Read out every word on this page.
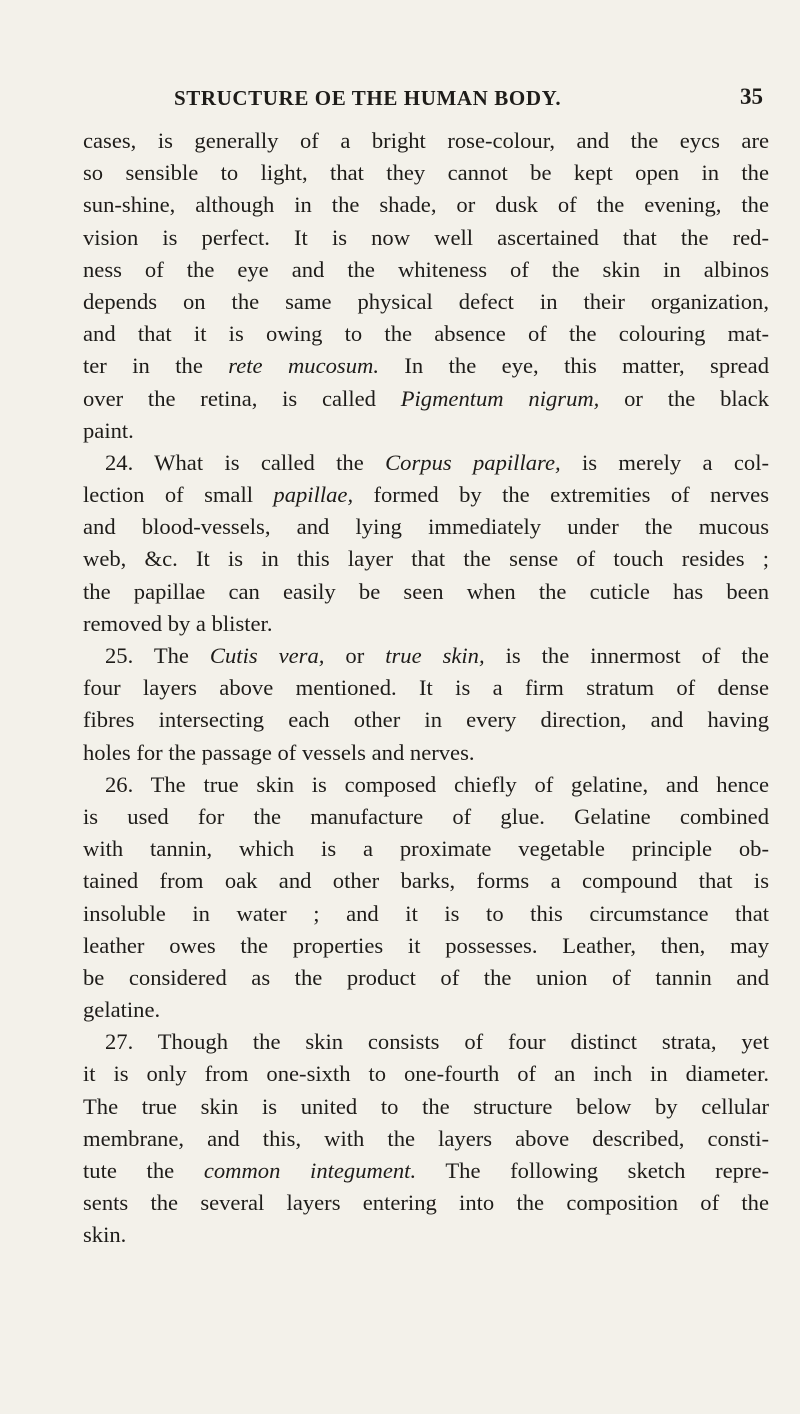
STRUCTURE OE THE HUMAN BODY.	35
cases, is generally of a bright rose-colour, and the eycs are
so sensible to light, that they cannot be kept open in the
sun-shine, although in the shade, or dusk of the evening, the
vision is perfect. It is now well ascertained that the red-
ness of the eye and the whiteness of the skin in albinos
depends on the same physical defect in their organization,
and that it is owing to the absence of the colouring mat-
ter in the rete mucosum. In the eye, this matter, spread
over the retina, is called Pigmentum nigrum, or the black
paint.
24. What is called the Corpus papillare, is merely a col-
lection of small papillae, formed by the extremities of nerves
and blood-vessels, and lying immediately under the mucous
web, &c. It is in this layer that the sense of touch resides ;
the papillae can easily be seen when the cuticle has been
removed by a blister.
25. The Cutis vera, or true skin, is the innermost of the
four layers above mentioned. It is a firm stratum of dense
fibres intersecting each other in every direction, and having
holes for the passage of vessels and nerves.
26. The true skin is composed chiefly of gelatine, and hence
is used for the manufacture of glue. Gelatine combined
with tannin, which is a proximate vegetable principle ob-
tained from oak and other barks, forms a compound that is
insoluble in water ; and it is to this circumstance that
leather owes the properties it possesses. Leather, then, may
be considered as the product of the union of tannin and
gelatine.
27. Though the skin consists of four distinct strata, yet
it is only from one-sixth to one-fourth of an inch in diameter.
The true skin is united to the structure below by cellular
membrane, and this, with the layers above described, consti-
tute the common integument. The following sketch repre-
sents the several layers entering into the composition of the
skin.
